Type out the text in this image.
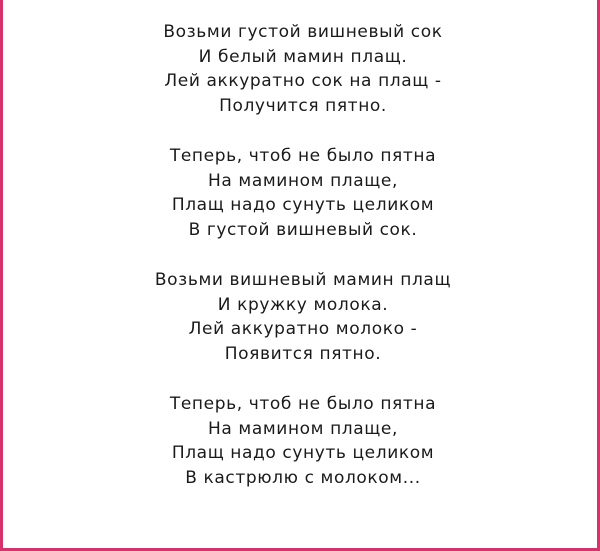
Возьми густой вишневый сок
И белый мамин плащ.
Лей аккуратно сок на плащ -
Получится пятно.
Теперь, чтоб не было пятна
На мамином плаще,
Плащ надо сунуть целиком
В густой вишневый сок.
Возьми вишневый мамин плащ
И кружку молока.
Лей аккуратно молоко -
Появится пятно.
Теперь, чтоб не было пятна
На мамином плаще,
Плащ надо сунуть целиком
В кастрюлю с молоком...
